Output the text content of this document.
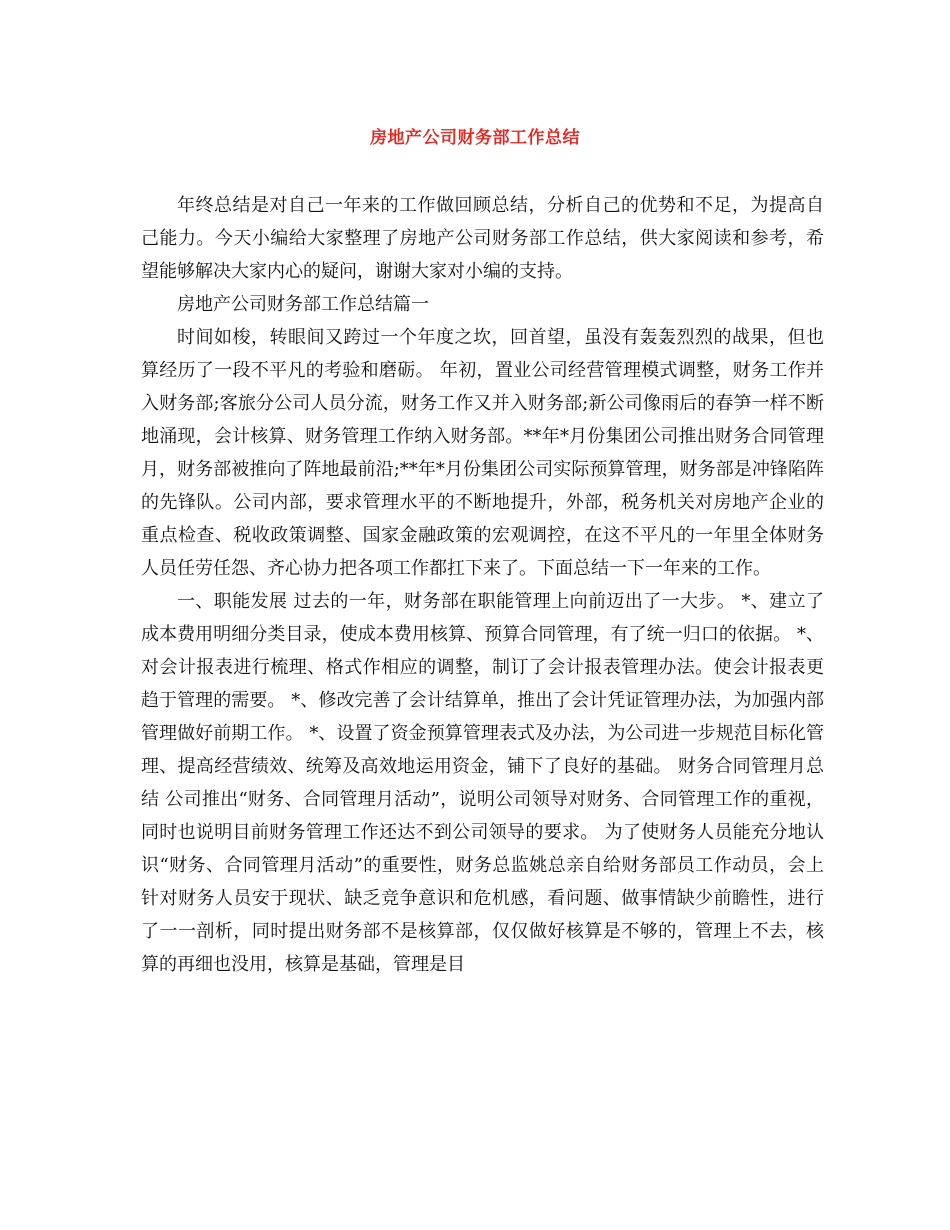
房地产公司财务部工作总结

年终总结是对自己一年来的工作做回顾总结，分析自己的优势和不足，为提高自己能力。今天小编给大家整理了房地产公司财务部工作总结，供大家阅读和参考，希望能够解决大家内心的疑问，谢谢大家对小编的支持。

房地产公司财务部工作总结篇一

时间如梭，转眼间又跨过一个年度之坎，回首望，虽没有轰轰烈烈的战果，但也算经历了一段不平凡的考验和磨砺。 年初，置业公司经营管理模式调整，财务工作并入财务部;客旅分公司人员分流，财务工作又并入财务部;新公司像雨后的春笋一样不断地涌现，会计核算、财务管理工作纳入财务部。**年*月份集团公司推出财务合同管理月，财务部被推向了阵地最前沿;**年*月份集团公司实际预算管理，财务部是冲锋陷阵的先锋队。公司内部，要求管理水平的不断地提升，外部，税务机关对房地产企业的重点检查、税收政策调整、国家金融政策的宏观调控，在这不平凡的一年里全体财务人员任劳任怨、齐心协力把各项工作都扛下来了。下面总结一下一年来的工作。

一、职能发展 过去的一年，财务部在职能管理上向前迈出了一大步。 *、建立了成本费用明细分类目录，使成本费用核算、预算合同管理，有了统一归口的依据。 *、对会计报表进行梳理、格式作相应的调整，制订了会计报表管理办法。使会计报表更趋于管理的需要。 *、修改完善了会计结算单，推出了会计凭证管理办法，为加强内部管理做好前期工作。 *、设置了资金预算管理表式及办法，为公司进一步规范目标化管理、提高经营绩效、统筹及高效地运用资金，铺下了良好的基础。 财务合同管理月总结 公司推出“财务、合同管理月活动”，说明公司领导对财务、合同管理工作的重视，同时也说明目前财务管理工作还达不到公司领导的要求。 为了使财务人员能充分地认识“财务、合同管理月活动”的重要性，财务总监姚总亲自给财务部员工作动员，会上针对财务人员安于现状、缺乏竞争意识和危机感，看问题、做事情缺少前瞻性，进行了一一剖析，同时提出财务部不是核算部，仅仅做好核算是不够的，管理上不去，核算的再细也没用，核算是基础，管理是目
